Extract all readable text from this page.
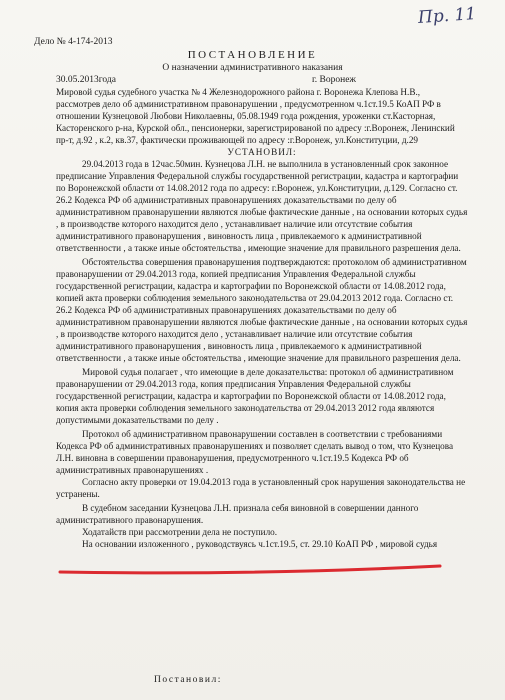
Пр. 11
Дело № 4-174-2013
ПОСТАНОВЛЕНИЕ
О назначении административного наказания
30.05.2013года	г. Воронеж

Мировой судья судебного участка № 4 Железнодорожного района г. Воронежа Клепова Н.В.,

рассмотрев дело об административном правонарушении , предусмотренном ч.1ст.19.5 КоАП РФ в отношении Кузнецовой Любови Николаевны, 05.08.1949 года рождения, уроженки ст.Касторная, Касторенского р-на, Курской обл., пенсионерки, зарегистрированой по адресу :г.Воронеж, Ленинский пр-т, д.92 , к.2, кв.37, фактически проживающей по адресу :г.Воронеж, ул.Конституции, д.29

УСТАНОВИЛ:

29.04.2013 года в 12час.50мин. Кузнецова Л.Н. не выполнила в установленный срок законное предписание Управления Федеральной службы государственной регистрации, кадастра и картографии по Воронежской области от 14.08.2012 года по адресу: г.Воронеж, ул.Конституции, д.129. Согласно ст. 26.2 Кодекса РФ об административных правонарушениях доказательствами по делу об административном правонарушении являются любые фактические данные , на основании которых судья , в производстве которого находится дело , устанавливает наличие или отсутствие события административного правонарушения , виновность лица , привлекаемого к административной ответственности , а также иные обстоятельства , имеющие значение для правильного разрешения дела.

Обстоятельства совершения правонарушения подтверждаются: протоколом об административном правонарушении от 29.04.2013 года, копией предписания Управления Федеральной службы государственной регистрации, кадастра и картографии по Воронежской области от 14.08.2012 года, копией акта проверки соблюдения земельного законодательства от 29.04.2013 2012 года. Согласно ст. 26.2 Кодекса РФ об административных правонарушениях доказательствами по делу об административном правонарушении являются любые фактические данные , на основании которых судья , в производстве которого находится дело , устанавливает наличие или отсутствие события административного правонарушения , виновность лица , привлекаемого к административной ответственности , а также иные обстоятельства , имеющие значение для правильного разрешения дела.

Мировой судья полагает , что имеющие в деле доказательства: протокол об административном правонарушении от 29.04.2013 года, копия предписания Управления Федеральной службы государственной регистрации, кадастра и картографии по Воронежской области от 14.08.2012 года, копия акта проверки соблюдения земельного законодательства от 29.04.2013 2012 года являются допустимыми доказательствами по делу .

Протокол об административном правонарушении составлен в соответствии с требованиями Кодекса РФ об административных правонарушениях и позволяет сделать вывод о том, что Кузнецова Л.Н. виновна в совершении правонарушения, предусмотренного ч.1ст.19.5 Кодекса РФ об административных правонарушениях .

Согласно акту проверки от 19.04.2013 года в установленный срок нарушения законодательства не устранены.

В судебном заседании Кузнецова Л.Н. признала себя виновной в совершении данного административного правонарушения.

Ходатайств при рассмотрении дела не поступило.

На основании изложенного , руководствуясь ч.1ст.19.5, ст. 29.10 КоАП РФ , мировой судья

Постановил:
